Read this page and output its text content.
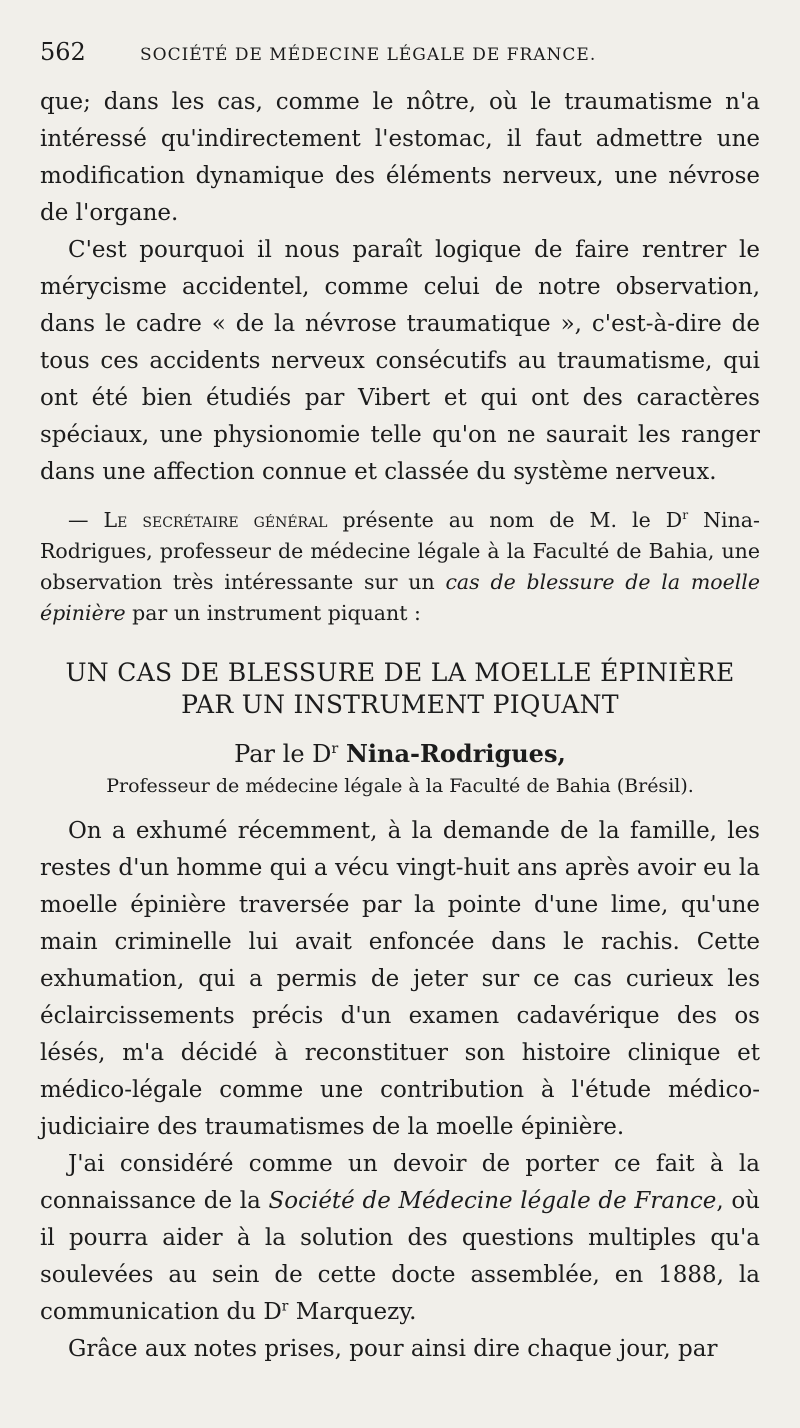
562	SOCIÉTÉ DE MÉDECINE LÉGALE DE FRANCE.

que; dans les cas, comme le nôtre, où le traumatisme n'a intéressé qu'indirectement l'estomac, il faut admettre une modification dynamique des éléments nerveux, une névrose de l'organe.

C'est pourquoi il nous paraît logique de faire rentrer le mérycisme accidentel, comme celui de notre observation, dans le cadre « de la névrose traumatique », c'est-à-dire de tous ces accidents nerveux consécutifs au traumatisme, qui ont été bien étudiés par Vibert et qui ont des caractères spéciaux, une physionomie telle qu'on ne saurait les ranger dans une affection connue et classée du système nerveux.

— Le secrétaire général présente au nom de M. le $D^r$ Nina-Rodrigues, professeur de médecine légale à la Faculté de Bahia, une observation très intéressante sur un cas de blessure de la moelle épinière par un instrument piquant :

UN CAS DE BLESSURE DE LA MOELLE ÉPINIÈRE
PAR UN INSTRUMENT PIQUANT
Par le $D^r$ Nina-Rodrigues,
Professeur de médecine légale à la Faculté de Bahia (Brésil).

On a exhumé récemment, à la demande de la famille, les restes d'un homme qui a vécu vingt-huit ans après avoir eu la moelle épinière traversée par la pointe d'une lime, qu'une main criminelle lui avait enfoncée dans le rachis. Cette exhumation, qui a permis de jeter sur ce cas curieux les éclaircissements précis d'un examen cadavérique des os lésés, m'a décidé à reconstituer son histoire clinique et médico-légale comme une contribution à l'étude médico-judiciaire des traumatismes de la moelle épinière.

J'ai considéré comme un devoir de porter ce fait à la connaissance de la Société de Médecine légale de France, où il pourra aider à la solution des questions multiples qu'a soulevées au sein de cette docte assemblée, en 1888, la communication du $D^r$ Marquezy.

Grâce aux notes prises, pour ainsi dire chaque jour, par
